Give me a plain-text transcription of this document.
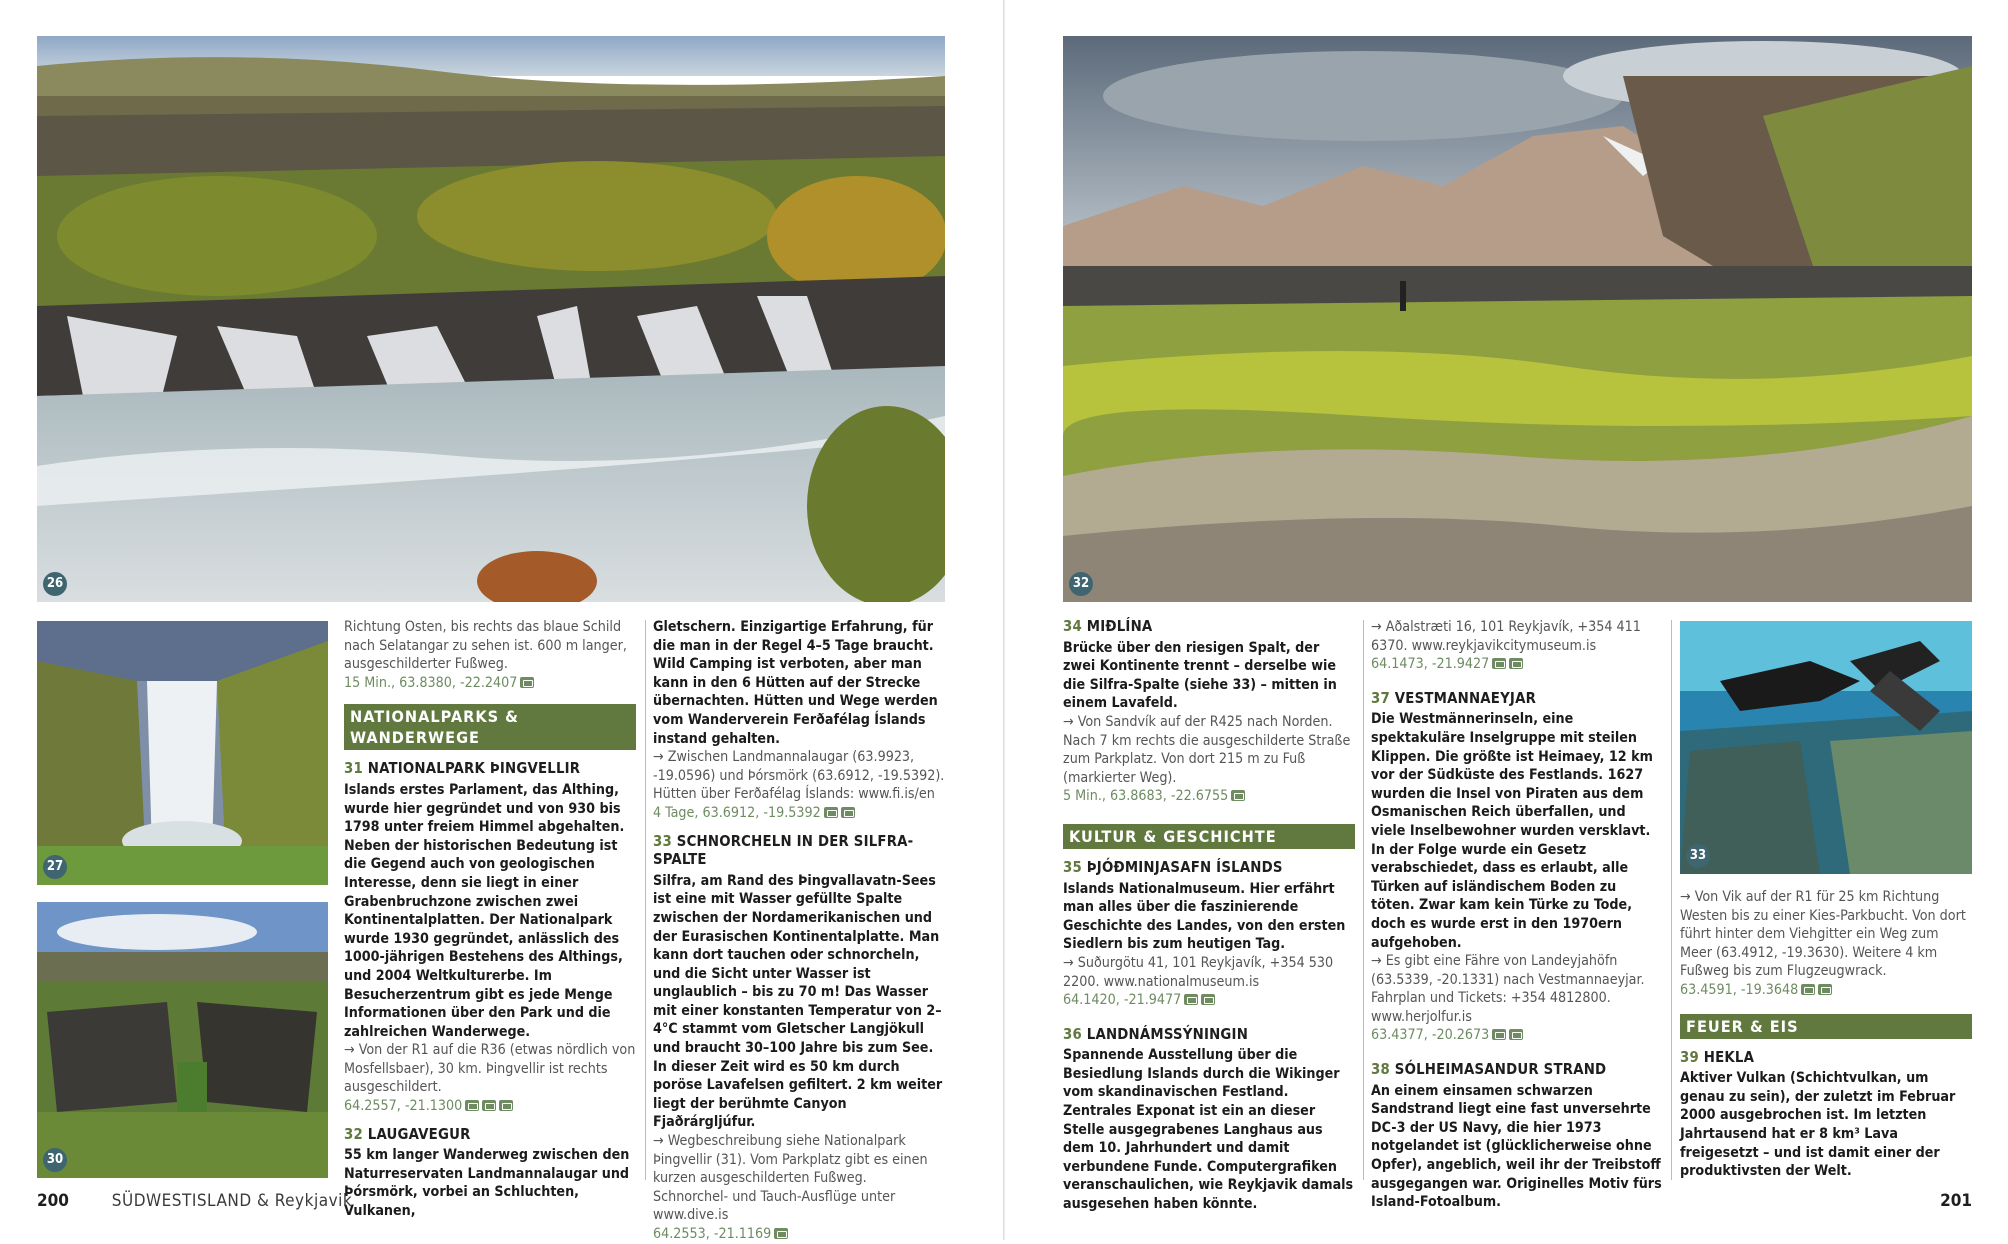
26
27
30

Richtung Osten, bis rechts das blaue Schild nach Selatangar zu sehen ist. 600 m langer, ausgeschilderter Fußweg.

15 Min., 63.8380, -22.2407

NATIONALPARKS & WANDERWEGE
31 NATIONALPARK ÞINGVELLIR

Islands erstes Parlament, das Althing, wurde hier gegründet und von 930 bis 1798 unter freiem Himmel abgehalten. Neben der historischen Bedeutung ist die Gegend auch von geologischen Interesse, denn sie liegt in einer Grabenbruchzone zwischen zwei Kontinentalplatten. Der Nationalpark wurde 1930 gegründet, anlässlich des 1000-jährigen Bestehens des Althings, und 2004 Weltkulturerbe. Im Besucherzentrum gibt es jede Menge Informationen über den Park und die zahlreichen Wanderwege.

→ Von der R1 auf die R36 (etwas nördlich von Mosfellsbaer), 30 km. Þingvellir ist rechts ausgeschildert.

64.2557, -21.1300

32 LAUGAVEGUR

55 km langer Wanderweg zwischen den Naturreservaten Landmannalaugar und Þórsmörk, vorbei an Schluchten, Vulkanen,

Gletschern. Einzigartige Erfahrung, für die man in der Regel 4–5 Tage braucht. Wild Camping ist verboten, aber man kann in den 6 Hütten auf der Strecke übernachten. Hütten und Wege werden vom Wanderverein Ferðafélag Íslands instand gehalten.

→ Zwischen Landmannalaugar (63.9923, -19.0596) und Þórsmörk (63.6912, -19.5392). Hütten über Ferðafélag Íslands: www.fi.is/en

4 Tage, 63.6912, -19.5392

33 SCHNORCHELN IN DER SILFRA-SPALTE

Silfra, am Rand des Þingvallavatn-Sees ist eine mit Wasser gefüllte Spalte zwischen der Nordamerikanischen und der Eurasischen Kontinentalplatte. Man kann dort tauchen oder schnorcheln, und die Sicht unter Wasser ist unglaublich – bis zu 70 m! Das Wasser mit einer konstanten Temperatur von 2–4°C stammt vom Gletscher Langjökull und braucht 30–100 Jahre bis zum See. In dieser Zeit wird es 50 km durch poröse Lavafelsen gefiltert. 2 km weiter liegt der berühmte Canyon Fjaðrárgljúfur.

→ Wegbeschreibung siehe Nationalpark Þingvellir (31). Vom Parkplatz gibt es einen kurzen ausgeschilderten Fußweg. Schnorchel- und Tauch-Ausflüge unter www.dive.is

64.2553, -21.1169

200	SÜDWESTISLAND & Reykjavik
32
33
34 MIÐLÍNA

Brücke über den riesigen Spalt, der zwei Kontinente trennt – derselbe wie die Silfra-Spalte (siehe 33) – mitten in einem Lavafeld.

→ Von Sandvík auf der R425 nach Norden. Nach 7 km rechts die ausgeschilderte Straße zum Parkplatz. Von dort 215 m zu Fuß (markierter Weg).

5 Min., 63.8683, -22.6755

KULTUR & GESCHICHTE
35 ÞJÓÐMINJASAFN ÍSLANDS

Islands Nationalmuseum. Hier erfährt man alles über die faszinierende Geschichte des Landes, von den ersten Siedlern bis zum heutigen Tag.

→ Suðurgötu 41, 101 Reykjavík, +354 530 2200. www.nationalmuseum.is

64.1420, -21.9477

36 LANDNÁMSSÝNINGIN

Spannende Ausstellung über die Besiedlung Islands durch die Wikinger vom skandinavischen Festland. Zentrales Exponat ist ein an dieser Stelle ausgegrabenes Langhaus aus dem 10. Jahrhundert und damit verbundene Funde. Computergrafiken veranschaulichen, wie Reykjavik damals ausgesehen haben könnte.

→ Aðalstræti 16, 101 Reykjavík, +354 411 6370. www.reykjavikcitymuseum.is

64.1473, -21.9427

37 VESTMANNAEYJAR

Die Westmännerinseln, eine spektakuläre Inselgruppe mit steilen Klippen. Die größte ist Heimaey, 12 km vor der Südküste des Festlands. 1627 wurden die Insel von Piraten aus dem Osmanischen Reich überfallen, und viele Inselbewohner wurden versklavt. In der Folge wurde ein Gesetz verabschiedet, dass es erlaubt, alle Türken auf isländischem Boden zu töten. Zwar kam kein Türke zu Tode, doch es wurde erst in den 1970ern aufgehoben.

→ Es gibt eine Fähre von Landeyjahöfn (63.5339, -20.1331) nach Vestmannaeyjar. Fahrplan und Tickets: +354 4812800. www.herjolfur.is

63.4377, -20.2673

38 SÓLHEIMASANDUR STRAND

An einem einsamen schwarzen Sandstrand liegt eine fast unversehrte DC-3 der US Navy, die hier 1973 notgelandet ist (glücklicherweise ohne Opfer), angeblich, weil ihr der Treibstoff ausgegangen war. Originelles Motiv fürs Island-Fotoalbum.

→ Von Vik auf der R1 für 25 km Richtung Westen bis zu einer Kies-Parkbucht. Von dort führt hinter dem Viehgitter ein Weg zum Meer (63.4912, -19.3630). Weitere 4 km Fußweg bis zum Flugzeugwrack.

63.4591, -19.3648

FEUER & EIS
39 HEKLA

Aktiver Vulkan (Schichtvulkan, um genau zu sein), der zuletzt im Februar 2000 ausgebrochen ist. Im letzten Jahrtausend hat er 8 km³ Lava freigesetzt – und ist damit einer der produktivsten der Welt.

201
